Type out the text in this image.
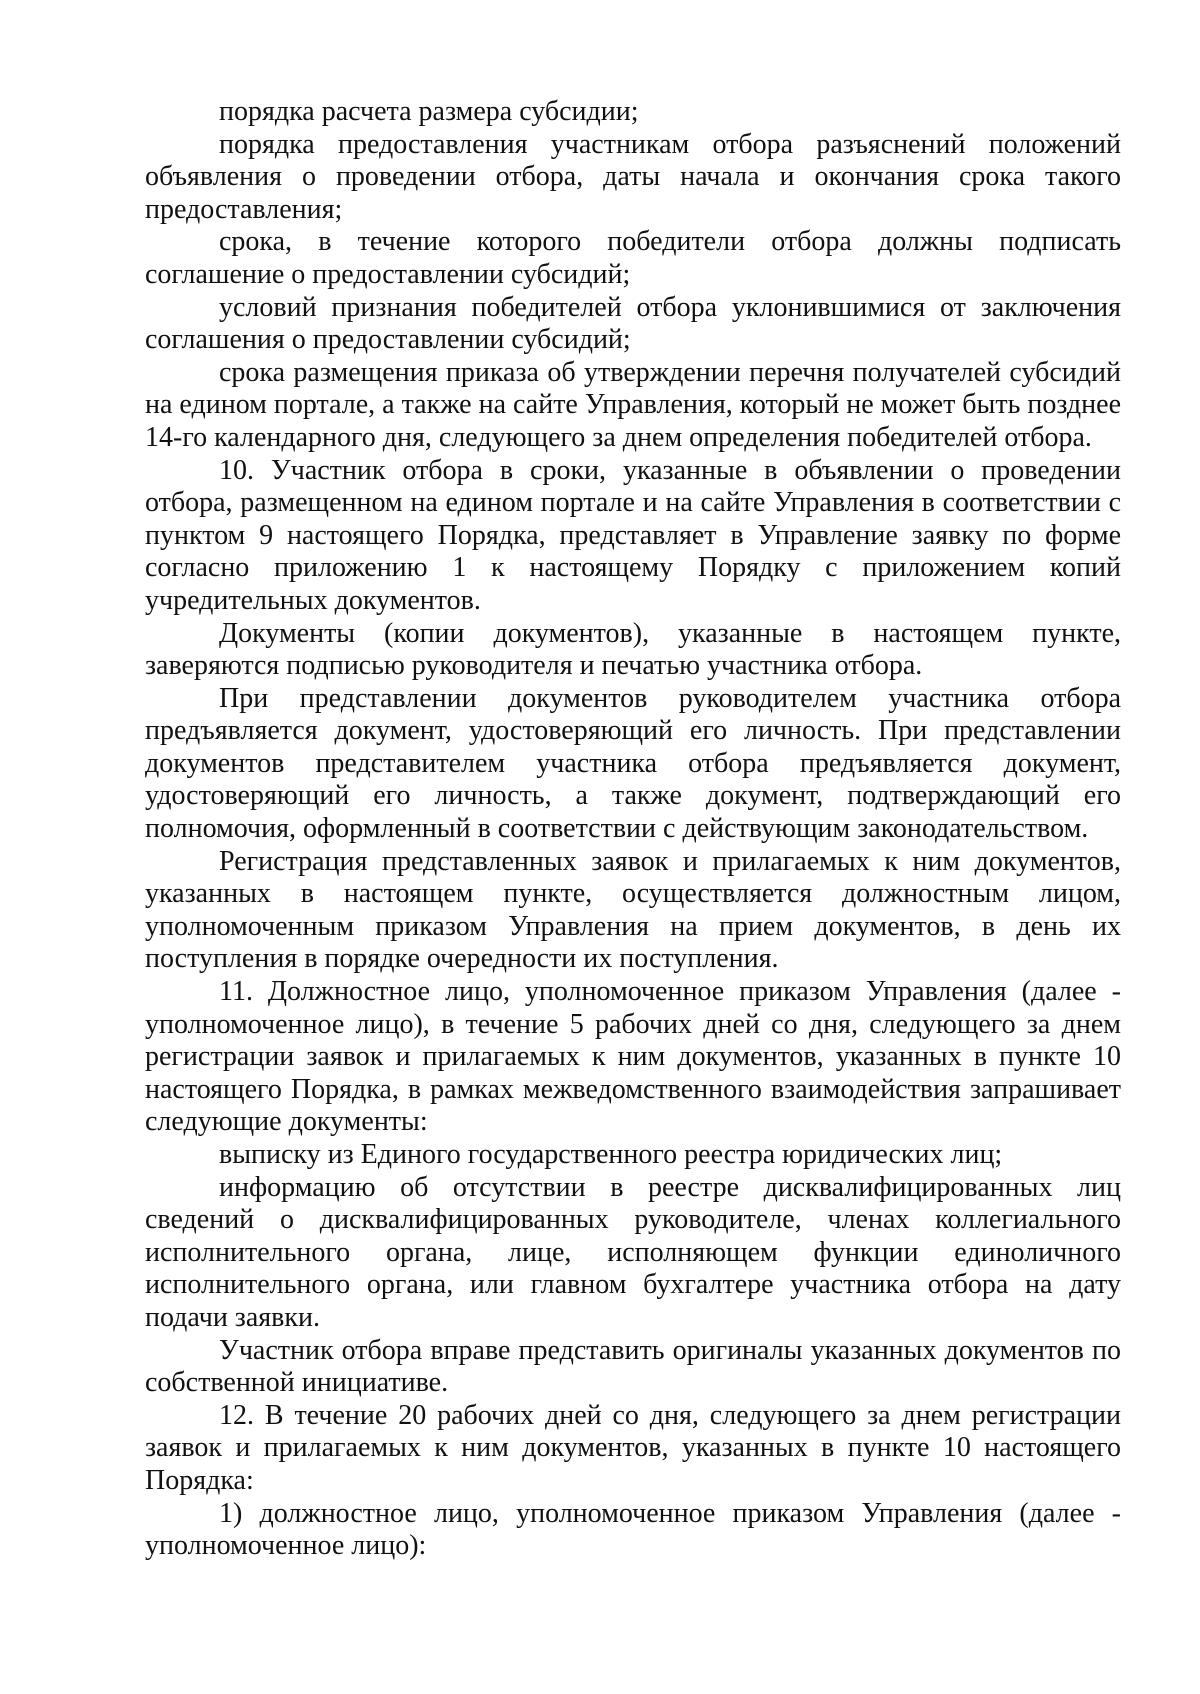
порядка расчета размера субсидии;

порядка предоставления участникам отбора разъяснений положений объявления о проведении отбора, даты начала и окончания срока такого предоставления;

срока, в течение которого победители отбора должны подписать соглашение о предоставлении субсидий;

условий признания победителей отбора уклонившимися от заключения соглашения о предоставлении субсидий;

срока размещения приказа об утверждении перечня получателей субсидий на едином портале, а также на сайте Управления, который не может быть позднее 14-го календарного дня, следующего за днем определения победителей отбора.

10. Участник отбора в сроки, указанные в объявлении о проведении отбора, размещенном на едином портале и на сайте Управления в соответствии с пунктом 9 настоящего Порядка, представляет в Управление заявку по форме согласно приложению 1 к настоящему Порядку с приложением копий учредительных документов.

Документы (копии документов), указанные в настоящем пункте, заверяются подписью руководителя и печатью участника отбора.

При представлении документов руководителем участника отбора предъявляется документ, удостоверяющий его личность. При представлении документов представителем участника отбора предъявляется документ, удостоверяющий его личность, а также документ, подтверждающий его полномочия, оформленный в соответствии с действующим законодательством.

Регистрация представленных заявок и прилагаемых к ним документов, указанных в настоящем пункте, осуществляется должностным лицом, уполномоченным приказом Управления на прием документов, в день их поступления в порядке очередности их поступления.

11. Должностное лицо, уполномоченное приказом Управления (далее - уполномоченное лицо), в течение 5 рабочих дней со дня, следующего за днем регистрации заявок и прилагаемых к ним документов, указанных в пункте 10 настоящего Порядка, в рамках межведомственного взаимодействия запрашивает следующие документы:

выписку из Единого государственного реестра юридических лиц;

информацию об отсутствии в реестре дисквалифицированных лиц сведений о дисквалифицированных руководителе, членах коллегиального исполнительного органа, лице, исполняющем функции единоличного исполнительного органа, или главном бухгалтере участника отбора на дату подачи заявки.

Участник отбора вправе представить оригиналы указанных документов по собственной инициативе.

12. В течение 20 рабочих дней со дня, следующего за днем регистрации заявок и прилагаемых к ним документов, указанных в пункте 10 настоящего Порядка:

1) должностное лицо, уполномоченное приказом Управления (далее - уполномоченное лицо):
